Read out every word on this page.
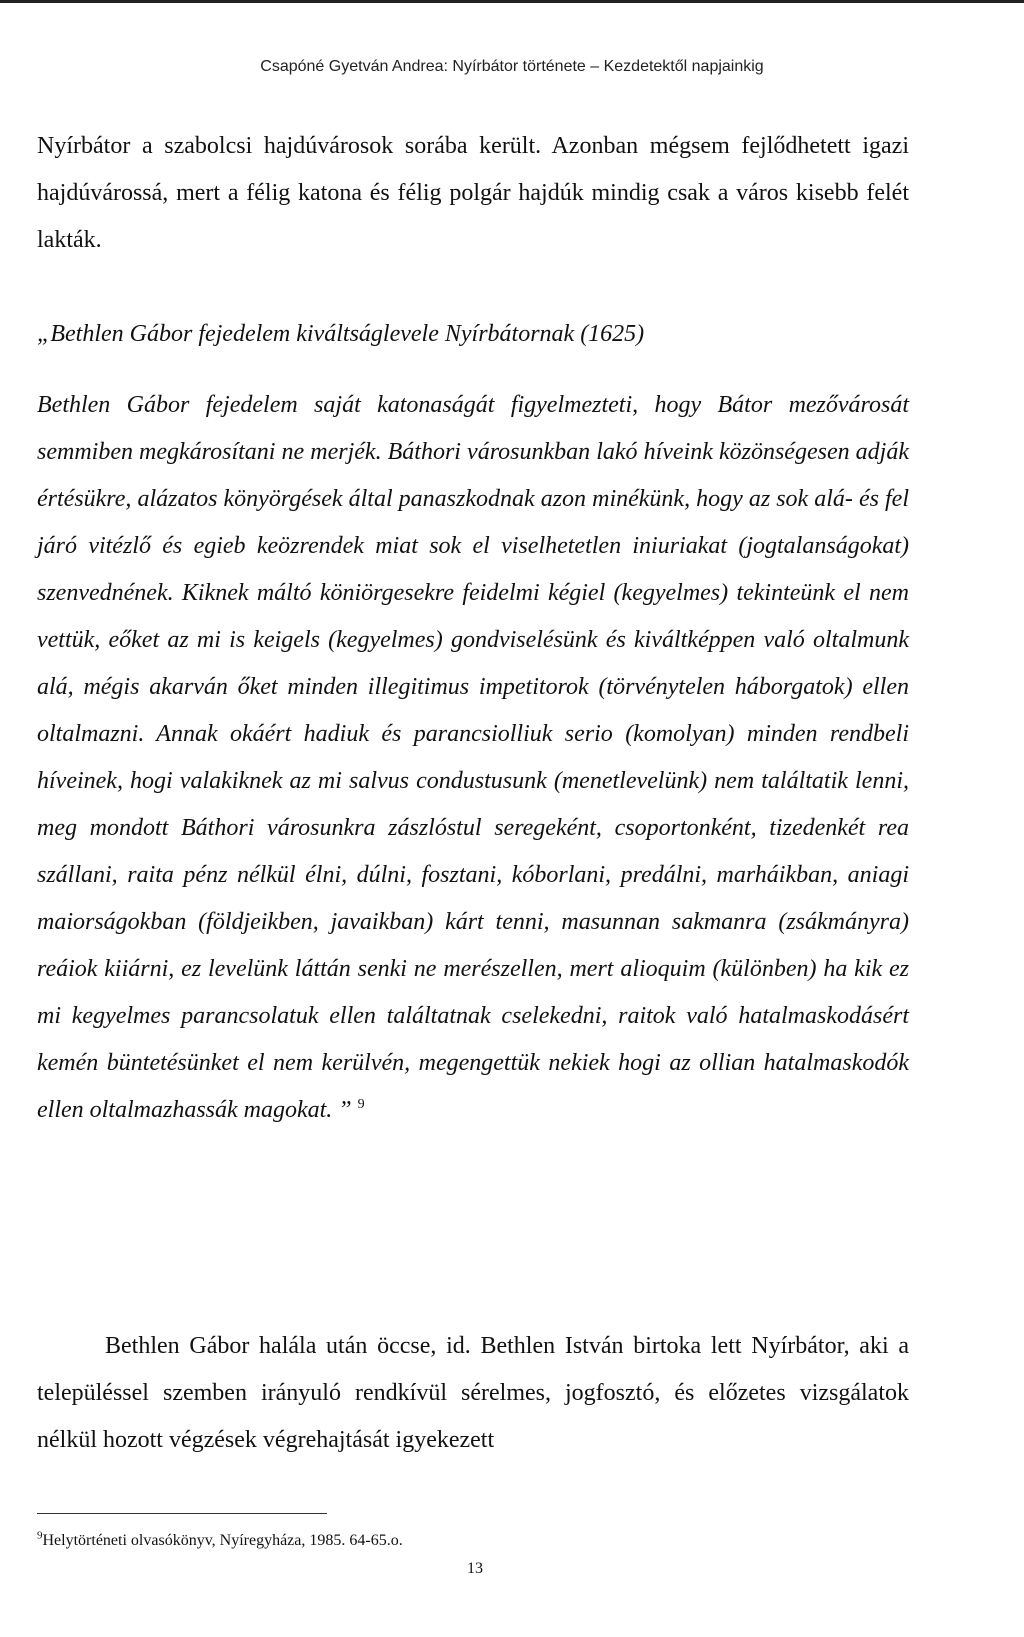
Csapóné Gyetván Andrea: Nyírbátor története – Kezdetektől napjainkig

Nyírbátor a szabolcsi hajdúvárosok sorába került. Azonban mégsem fejlődhetett igazi hajdúvárossá, mert a félig katona és félig polgár hajdúk mindig csak a város kisebb felét lakták.

„Bethlen Gábor fejedelem kiváltságlevele Nyírbátornak (1625)

Bethlen Gábor fejedelem saját katonaságát figyelmezteti, hogy Bátor mezővárosát semmiben megkárosítani ne merjék. Báthori városunkban lakó híveink közönségesen adják értésükre, alázatos könyörgések által panaszkodnak azon minékünk, hogy az sok alá- és fel járó vitézlő és egieb keözrendek miat sok el viselhetetlen iniuriakat (jogtalanságokat) szenvednének. Kiknek máltó köniörgesekre feidelmi kégiel (kegyelmes) tekinteünk el nem vettük, eőket az mi is keigels (kegyelmes) gondviselésünk és kiváltképpen való oltalmunk alá, mégis akarván őket minden illegitimus impetitorok (törvénytelen háborgatok) ellen oltalmazni. Annak okáért hadiuk és parancsiolliuk serio (komolyan) minden rendbeli híveinek, hogi valakiknek az mi salvus condustusunk (menetlevelünk) nem találtatik lenni, meg mondott Báthori városunkra zászlóstul seregeként, csoportonként, tizedenkét rea szállani, raita pénz nélkül élni, dúlni, fosztani, kóborlani, predálni, marháikban, aniagi maiorságokban (földjeikben, javaikban) kárt tenni, masunnan sakmanra (zsákmányra) reáiok kiiárni, ez levelünk láttán senki ne merészellen, mert alioquim (különben) ha kik ez mi kegyelmes parancsolatuk ellen találtatnak cselekedni, raitok való hatalmaskodásért kemén büntetésünket el nem kerülvén, megengettük nekiek hogi az ollian hatalmaskodók ellen oltalmazhassák magokat. ” $^9$

Bethlen Gábor halála után öccse, id. Bethlen István birtoka lett Nyírbátor, aki a településsel szemben irányuló rendkívül sérelmes, jogfosztó, és előzetes vizsgálatok nélkül hozott végzések végrehajtását igyekezett

$^9$Helytörténeti olvasókönyv, Nyíregyháza, 1985. 64-65.o.

13
